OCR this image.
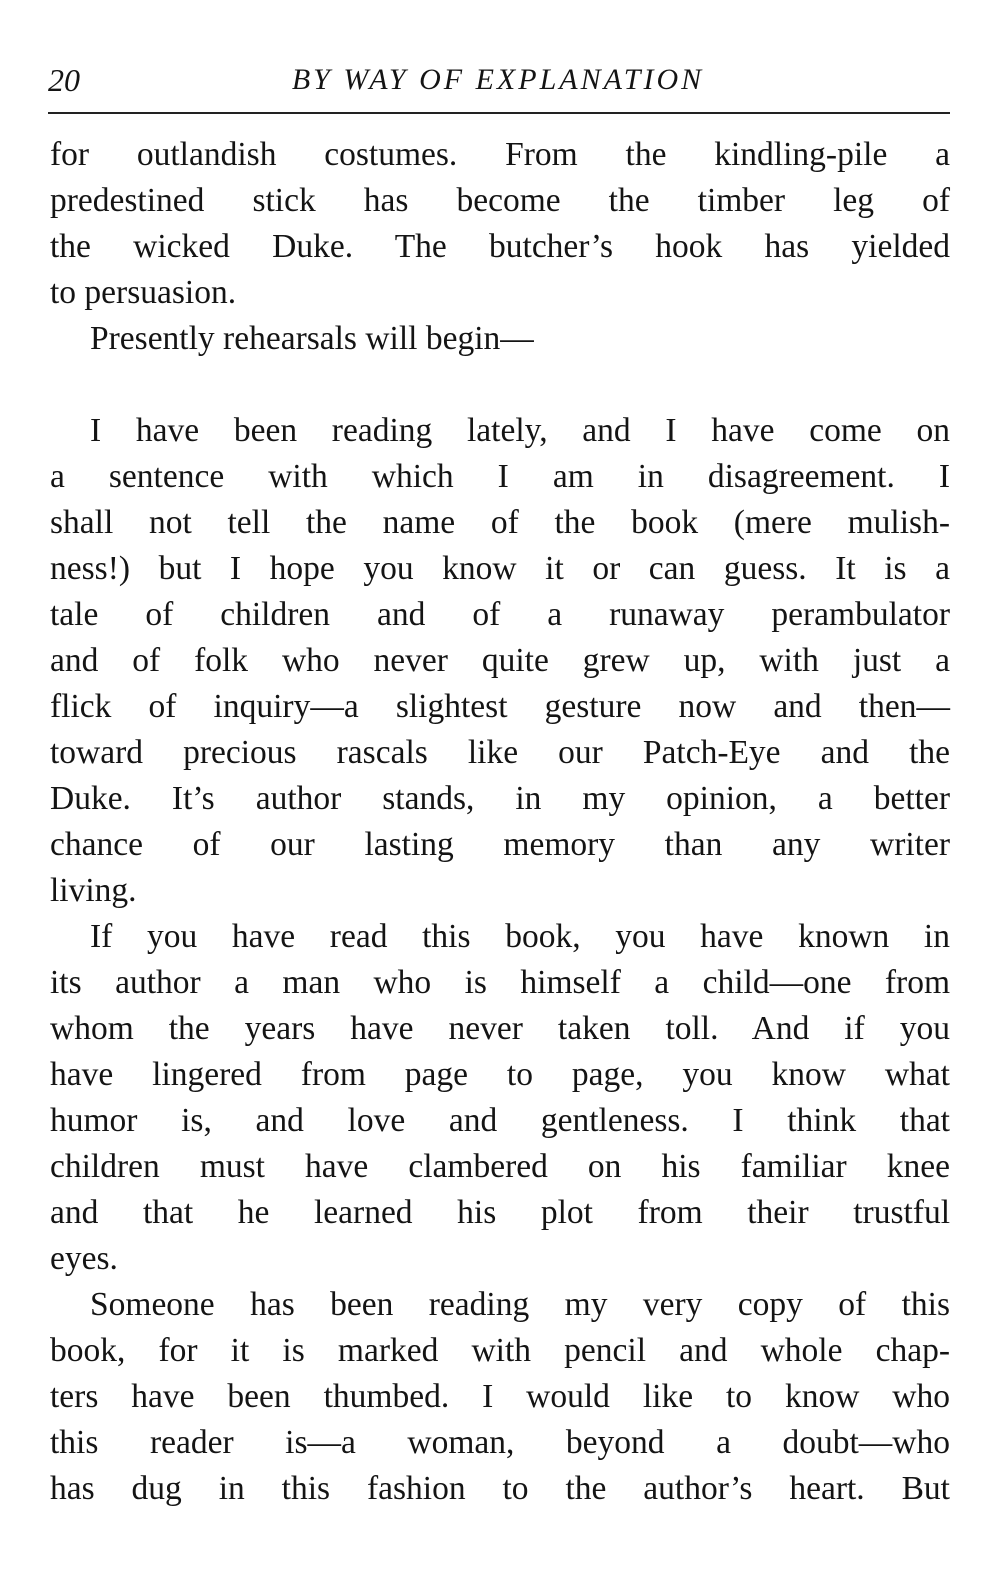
20	BY WAY OF EXPLANATION
for outlandish costumes. From the kindling-pile a
predestined stick has become the timber leg of
the wicked Duke. The butcher’s hook has yielded
to persuasion.
Presently rehearsals will begin—
I have been reading lately, and I have come on
a sentence with which I am in disagreement. I
shall not tell the name of the book (mere mulish-
ness!) but I hope you know it or can guess. It is a
tale of children and of a runaway perambulator
and of folk who never quite grew up, with just a
flick of inquiry—a slightest gesture now and then—
toward precious rascals like our Patch-Eye and the
Duke. It’s author stands, in my opinion, a better
chance of our lasting memory than any writer
living.
If you have read this book, you have known in
its author a man who is himself a child—one from
whom the years have never taken toll. And if you
have lingered from page to page, you know what
humor is, and love and gentleness. I think that
children must have clambered on his familiar knee
and that he learned his plot from their trustful
eyes.
Someone has been reading my very copy of this
book, for it is marked with pencil and whole chap-
ters have been thumbed. I would like to know who
this reader is—a woman, beyond a doubt—who
has dug in this fashion to the author’s heart. But
